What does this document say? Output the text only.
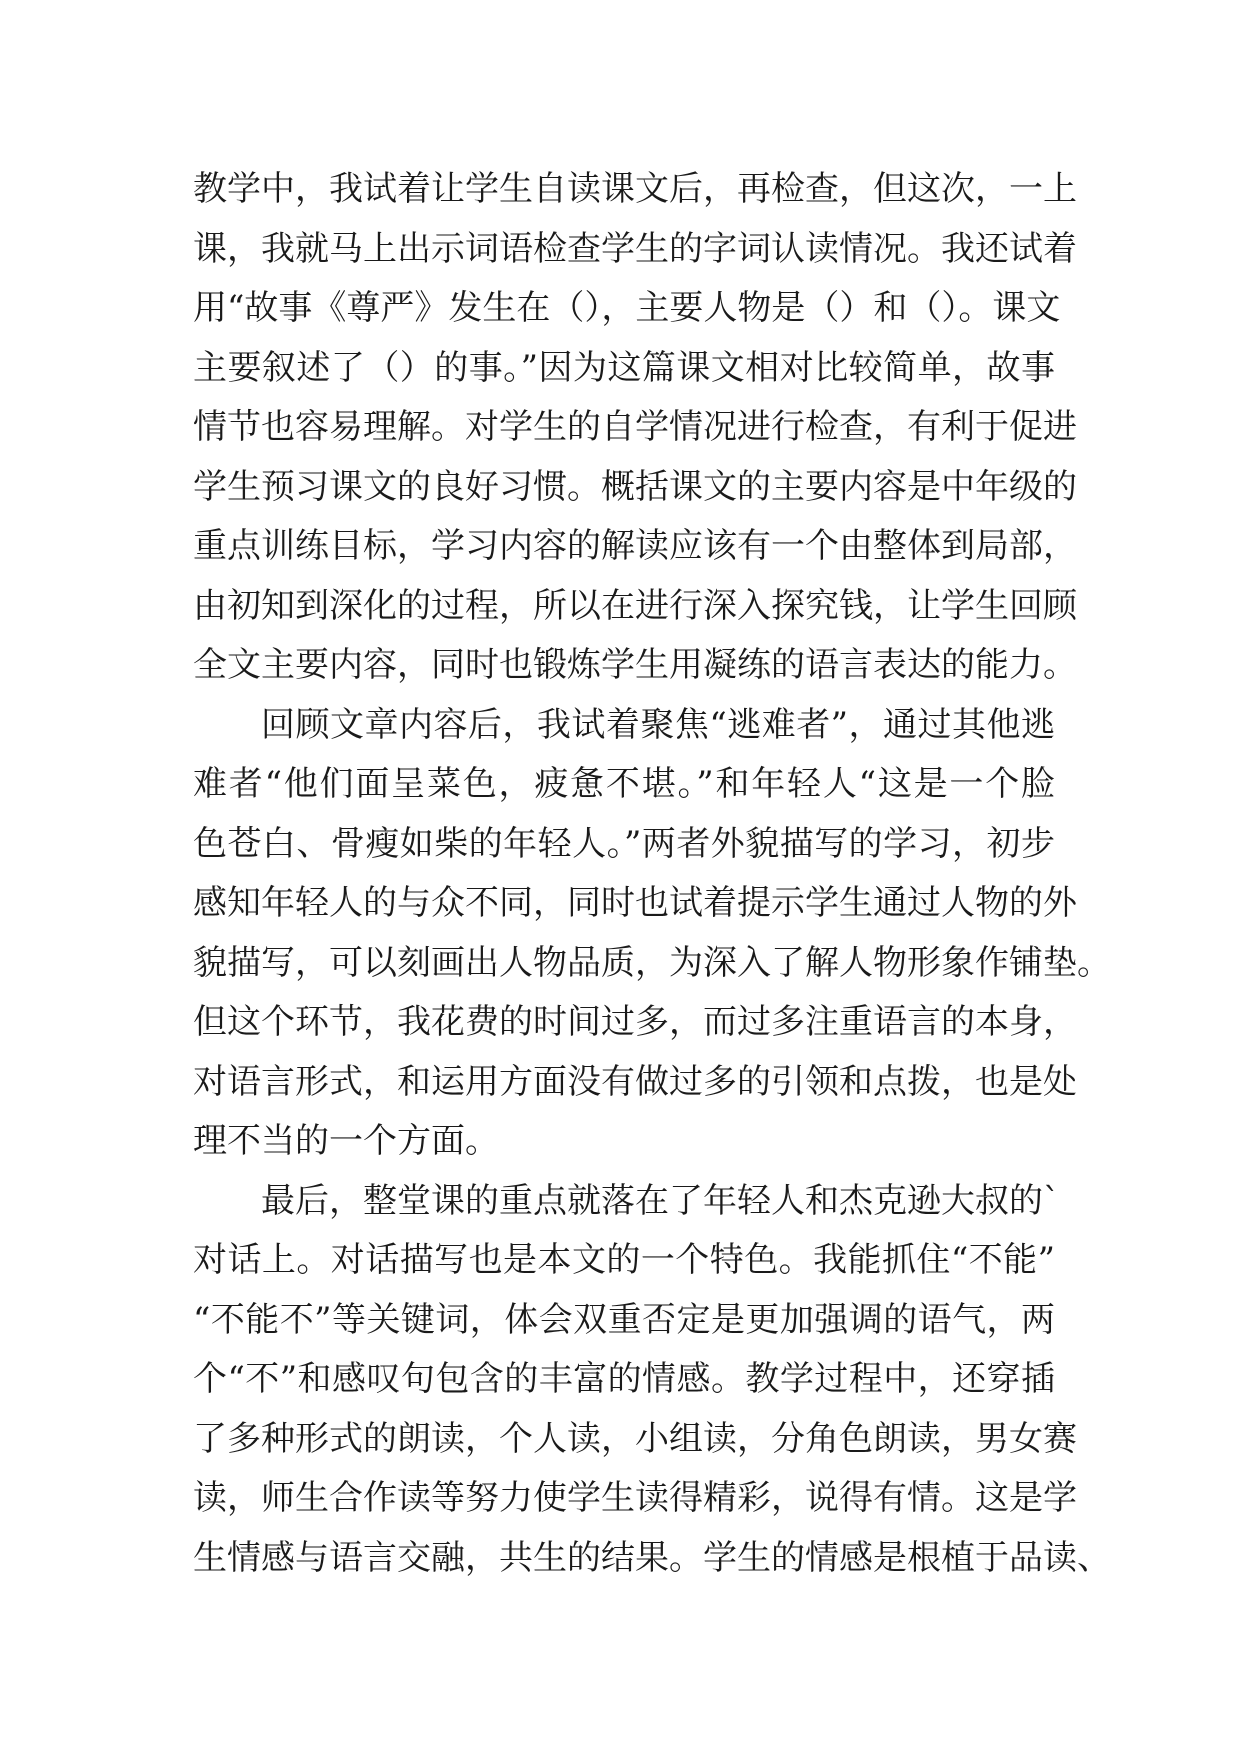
教学中，我试着让学生自读课文后，再检查，但这次，一上
课，我就马上出示词语检查学生的字词认读情况。我还试着
用“故事《尊严》发生在（），主要人物是（）和（）。课文
主要叙述了（）的事。”因为这篇课文相对比较简单，故事
情节也容易理解。对学生的自学情况进行检查，有利于促进
学生预习课文的良好习惯。概括课文的主要内容是中年级的
重点训练目标，学习内容的解读应该有一个由整体到局部，
由初知到深化的过程，所以在进行深入探究钱，让学生回顾
全文主要内容，同时也锻炼学生用凝练的语言表达的能力。
回顾文章内容后，我试着聚焦“逃难者”，通过其他逃
难者“他们面呈菜色，疲惫不堪。”和年轻人“这是一个脸
色苍白、骨瘦如柴的年轻人。”两者外貌描写的学习，初步
感知年轻人的与众不同，同时也试着提示学生通过人物的外
貌描写，可以刻画出人物品质，为深入了解人物形象作铺垫。
但这个环节，我花费的时间过多，而过多注重语言的本身，
对语言形式，和运用方面没有做过多的引领和点拨，也是处
理不当的一个方面。
最后，整堂课的重点就落在了年轻人和杰克逊大叔的`
对话上。对话描写也是本文的一个特色。我能抓住“不能”
“不能不”等关键词，体会双重否定是更加强调的语气，两
个“不”和感叹句包含的丰富的情感。教学过程中，还穿插
了多种形式的朗读，个人读，小组读，分角色朗读，男女赛
读，师生合作读等努力使学生读得精彩，说得有情。这是学
生情感与语言交融，共生的结果。学生的情感是根植于品读、
